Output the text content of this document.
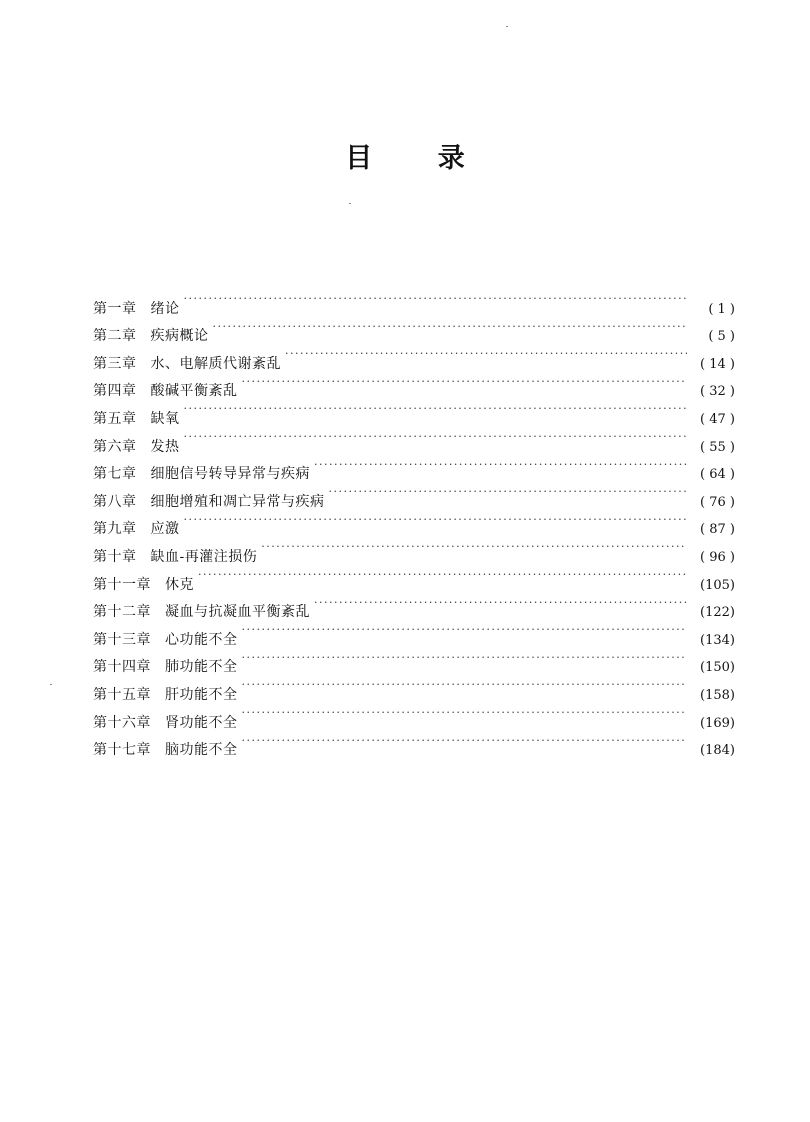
目 录
第一章 绪论 ·····	( 1 )
第二章 疾病概论 ·····	( 5 )
第三章 水、电解质代谢紊乱 ·····	( 14 )
第四章 酸碱平衡紊乱 ·····	( 32 )
第五章 缺氧 ·····	( 47 )
第六章 发热 ·····	( 55 )
第七章 细胞信号转导异常与疾病 ·····	( 64 )
第八章 细胞增殖和凋亡异常与疾病 ·····	( 76 )
第九章 应激 ·····	( 87 )
第十章 缺血-再灌注损伤 ·····	( 96 )
第十一章 休克 ·····	(105)
第十二章 凝血与抗凝血平衡紊乱 ·····	(122)
第十三章 心功能不全 ·····	(134)
第十四章 肺功能不全 ·····	(150)
第十五章 肝功能不全 ·····	(158)
第十六章 肾功能不全 ·····	(169)
第十七章 脑功能不全 ·····	(184)
